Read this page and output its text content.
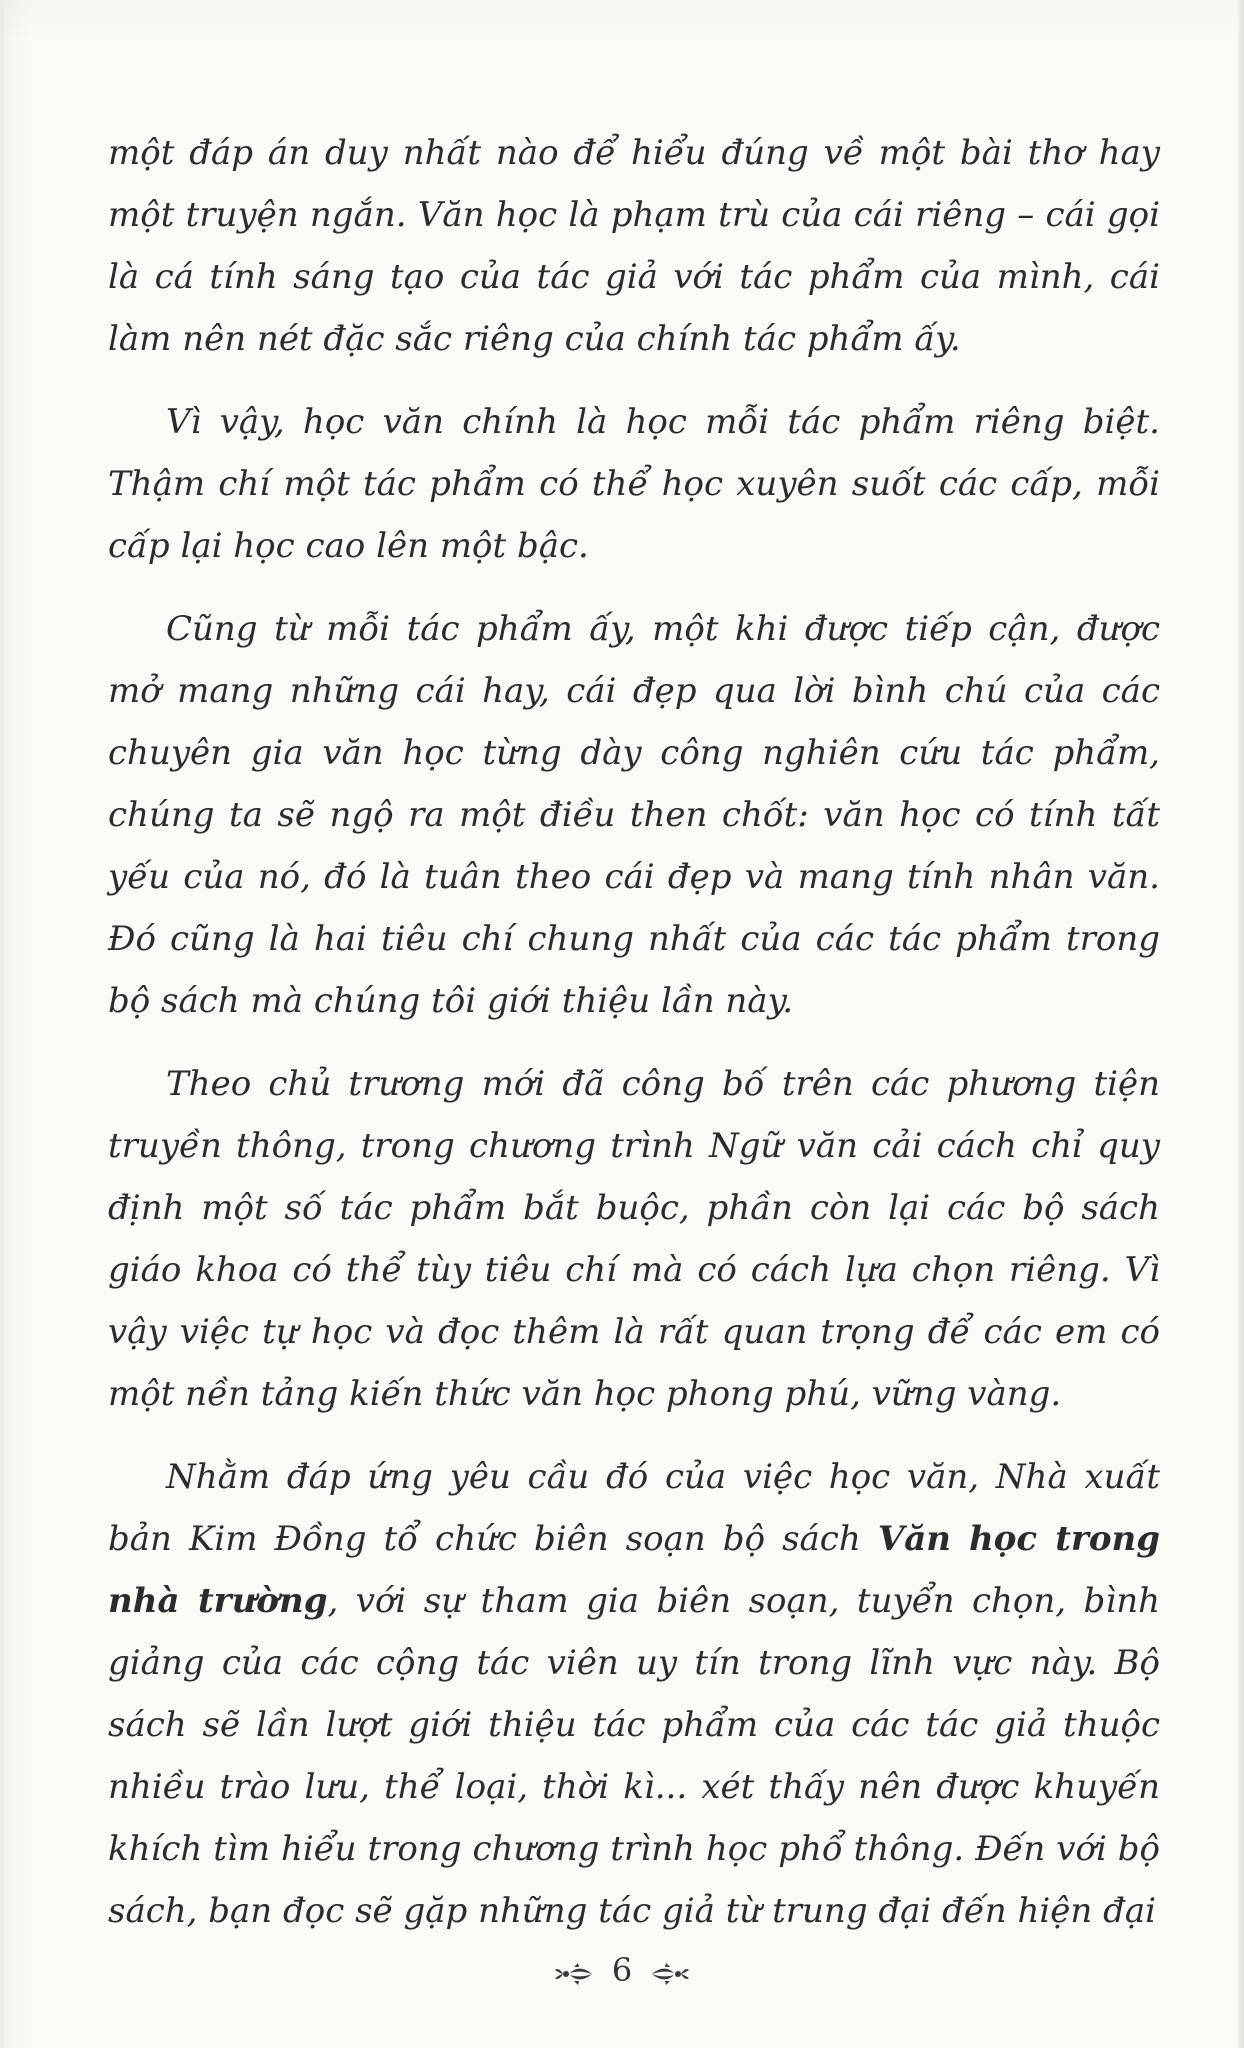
một đáp án duy nhất nào để hiểu đúng về một bài thơ hay một truyện ngắn. Văn học là phạm trù của cái riêng – cái gọi là cá tính sáng tạo của tác giả với tác phẩm của mình, cái làm nên nét đặc sắc riêng của chính tác phẩm ấy.

Vì vậy, học văn chính là học mỗi tác phẩm riêng biệt. Thậm chí một tác phẩm có thể học xuyên suốt các cấp, mỗi cấp lại học cao lên một bậc.

Cũng từ mỗi tác phẩm ấy, một khi được tiếp cận, được mở mang những cái hay, cái đẹp qua lời bình chú của các chuyên gia văn học từng dày công nghiên cứu tác phẩm, chúng ta sẽ ngộ ra một điều then chốt: văn học có tính tất yếu của nó, đó là tuân theo cái đẹp và mang tính nhân văn. Đó cũng là hai tiêu chí chung nhất của các tác phẩm trong bộ sách mà chúng tôi giới thiệu lần này.

Theo chủ trương mới đã công bố trên các phương tiện truyền thông, trong chương trình Ngữ văn cải cách chỉ quy định một số tác phẩm bắt buộc, phần còn lại các bộ sách giáo khoa có thể tùy tiêu chí mà có cách lựa chọn riêng. Vì vậy việc tự học và đọc thêm là rất quan trọng để các em có một nền tảng kiến thức văn học phong phú, vững vàng.

Nhằm đáp ứng yêu cầu đó của việc học văn, Nhà xuất bản Kim Đồng tổ chức biên soạn bộ sách Văn học trong nhà trường, với sự tham gia biên soạn, tuyển chọn, bình giảng của các cộng tác viên uy tín trong lĩnh vực này. Bộ sách sẽ lần lượt giới thiệu tác phẩm của các tác giả thuộc nhiều trào lưu, thể loại, thời kì... xét thấy nên được khuyến khích tìm hiểu trong chương trình học phổ thông. Đến với bộ sách, bạn đọc sẽ gặp những tác giả từ trung đại đến hiện đại

6
